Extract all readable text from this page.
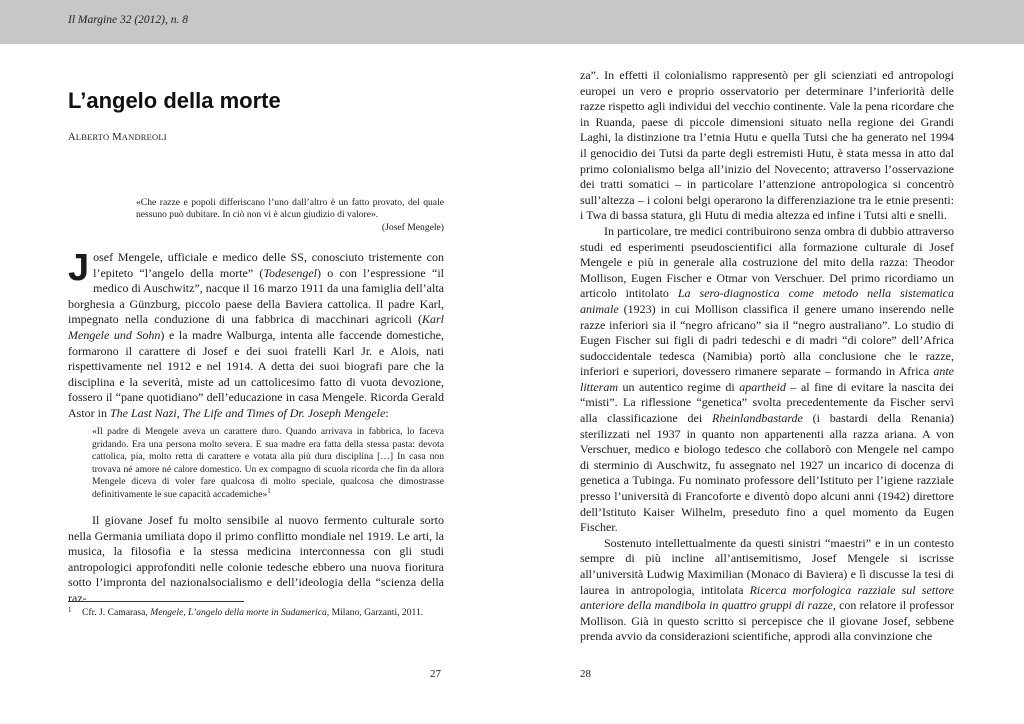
Il Margine 32 (2012), n. 8
L’angelo della morte
ALBERTO MANDREOLI
«Che razze e popoli differiscano l’uno dall’altro è un fatto provato, del quale nessuno può dubitare. In ciò non vi è alcun giudizio di valore».
(Josef Mengele)

Josef Mengele, ufficiale e medico delle SS, conosciuto tristemente con l’epiteto “l’angelo della morte” (Todesengel) o con l’espressione “il medico di Auschwitz”, nacque il 16 marzo 1911 da una famiglia dell’alta borghesia a Günzburg, piccolo paese della Baviera cattolica. Il padre Karl, impegnato nella conduzione di una fabbrica di macchinari agricoli (Karl Mengele und Sohn) e la madre Walburga, intenta alle faccende domestiche, formarono il carattere di Josef e dei suoi fratelli Karl Jr. e Alois, nati rispettivamente nel 1912 e nel 1914. A detta dei suoi biografi pare che la disciplina e la severità, miste ad un cattolicesimo fatto di vuota devozione, fossero il “pane quotidiano” dell’educazione in casa Mengele. Ricorda Gerald Astor in The Last Nazi, The Life and Times of Dr. Joseph Mengele:

«Il padre di Mengele aveva un carattere duro. Quando arrivava in fabbrica, lo faceva gridando. Era una persona molto severa. E sua madre era fatta della stessa pasta: devota cattolica, pia, molto retta di carattere e votata alla più dura disciplina […] In casa non trovava né amore né calore domestico. Un ex compagno di scuola ricorda che fin da allora Mengele diceva di voler fare qualcosa di molto speciale, qualcosa che dimostrasse definitivamente le sue capacità accademiche»$^1$

Il giovane Josef fu molto sensibile al nuovo fermento culturale sorto nella Germania umiliata dopo il primo conflitto mondiale nel 1919. Le arti, la musica, la filosofia e la stessa medicina interconnessa con gli studi antropologici approfonditi nelle colonie tedesche ebbero una nuova fioritura sotto l’impronta del nazionalsocialismo e dell’ideologia della “scienza della raz-

1	Cfr. J. Camarasa, Mengele, L’angelo della morte in Sudamerica, Milano, Garzanti, 2011.
27

za”. In effetti il colonialismo rappresentò per gli scienziati ed antropologi europei un vero e proprio osservatorio per determinare l’inferiorità delle razze rispetto agli individui del vecchio continente. Vale la pena ricordare che in Ruanda, paese di piccole dimensioni situato nella regione dei Grandi Laghi, la distinzione tra l’etnia Hutu e quella Tutsi che ha generato nel 1994 il genocidio dei Tutsi da parte degli estremisti Hutu, è stata messa in atto dal primo colonialismo belga all’inizio del Novecento; attraverso l’osservazione dei tratti somatici – in particolare l’attenzione antropologica si concentrò sull’altezza – i coloni belgi operarono la differenziazione tra le etnie presenti: i Twa di bassa statura, gli Hutu di media altezza ed infine i Tutsi alti e snelli.

In particolare, tre medici contribuirono senza ombra di dubbio attraverso studi ed esperimenti pseudoscientifici alla formazione culturale di Josef Mengele e più in generale alla costruzione del mito della razza: Theodor Mollison, Eugen Fischer e Otmar von Verschuer. Del primo ricordiamo un articolo intitolato La sero-diagnostica come metodo nella sistematica animale (1923) in cui Mollison classifica il genere umano inserendo nelle razze inferiori sia il “negro africano” sia il “negro australiano”. Lo studio di Eugen Fischer sui figli di padri tedeschi e di madri “di colore” dell’Africa sudoccidentale tedesca (Namibia) portò alla conclusione che le razze, inferiori e superiori, dovessero rimanere separate – formando in Africa ante litteram un autentico regime di apartheid – al fine di evitare la nascita dei “misti”. La riflessione “genetica” svolta precedentemente da Fischer servì alla classificazione dei Rheinlandbastarde (i bastardi della Renania) sterilizzati nel 1937 in quanto non appartenenti alla razza ariana. A von Verschuer, medico e biologo tedesco che collaborò con Mengele nel campo di sterminio di Auschwitz, fu assegnato nel 1927 un incarico di docenza di genetica a Tubinga. Fu nominato professore dell’Istituto per l’igiene razziale presso l’università di Francoforte e diventò dopo alcuni anni (1942) direttore dell’Istituto Kaiser Wilhelm, preseduto fino a quel momento da Eugen Fischer.

Sostenuto intellettualmente da questi sinistri “maestri” e in un contesto sempre di più incline all’antisemitismo, Josef Mengele si iscrisse all’università Ludwig Maximilian (Monaco di Baviera) e lì discusse la tesi di laurea in antropologia, intitolata Ricerca morfologica razziale sul settore anteriore della mandibola in quattro gruppi di razze, con relatore il professor Mollison. Già in questo scritto si percepisce che il giovane Josef, sebbene prenda avvio da considerazioni scientifiche, approdi alla convinzione che

28
